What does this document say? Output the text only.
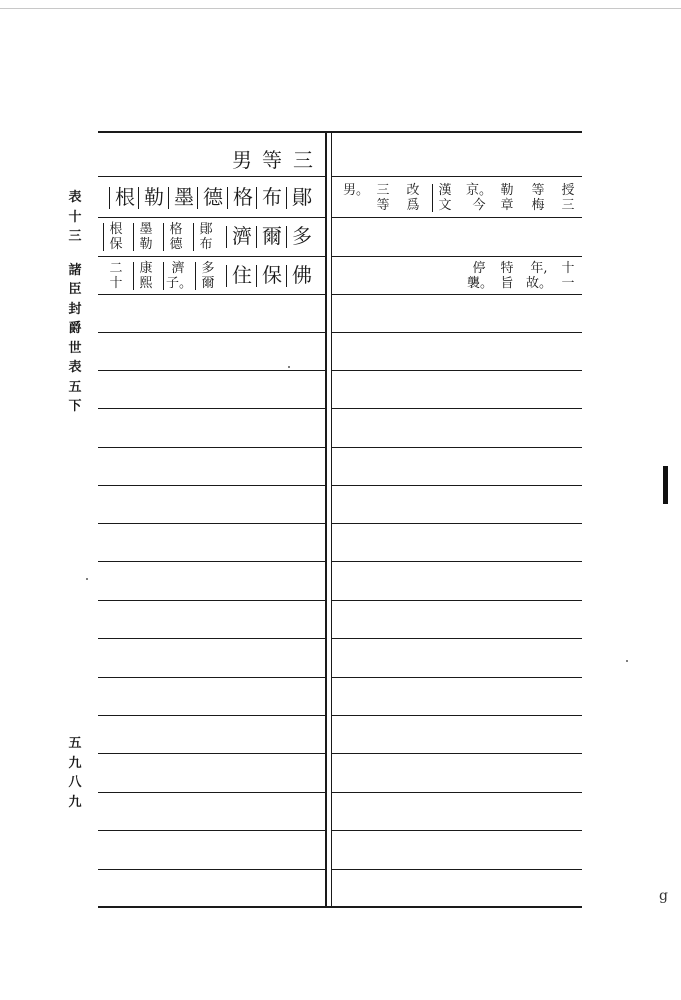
表
十
三
諸
臣
封
爵
世
表
五
下
五
九
八
九
男 等 三
根 勒 墨 德 格 布 鄖 男。 三
等
改
爲
漢
文
京。
今
勒
章
等
梅
授
三
根
保
墨
勒
格
德
鄖
布 濟 爾 多
二
十
康
熙
濟
子。
多
爾 住 保 佛	停
襲。
特
旨
年,
故。
十
一
g
